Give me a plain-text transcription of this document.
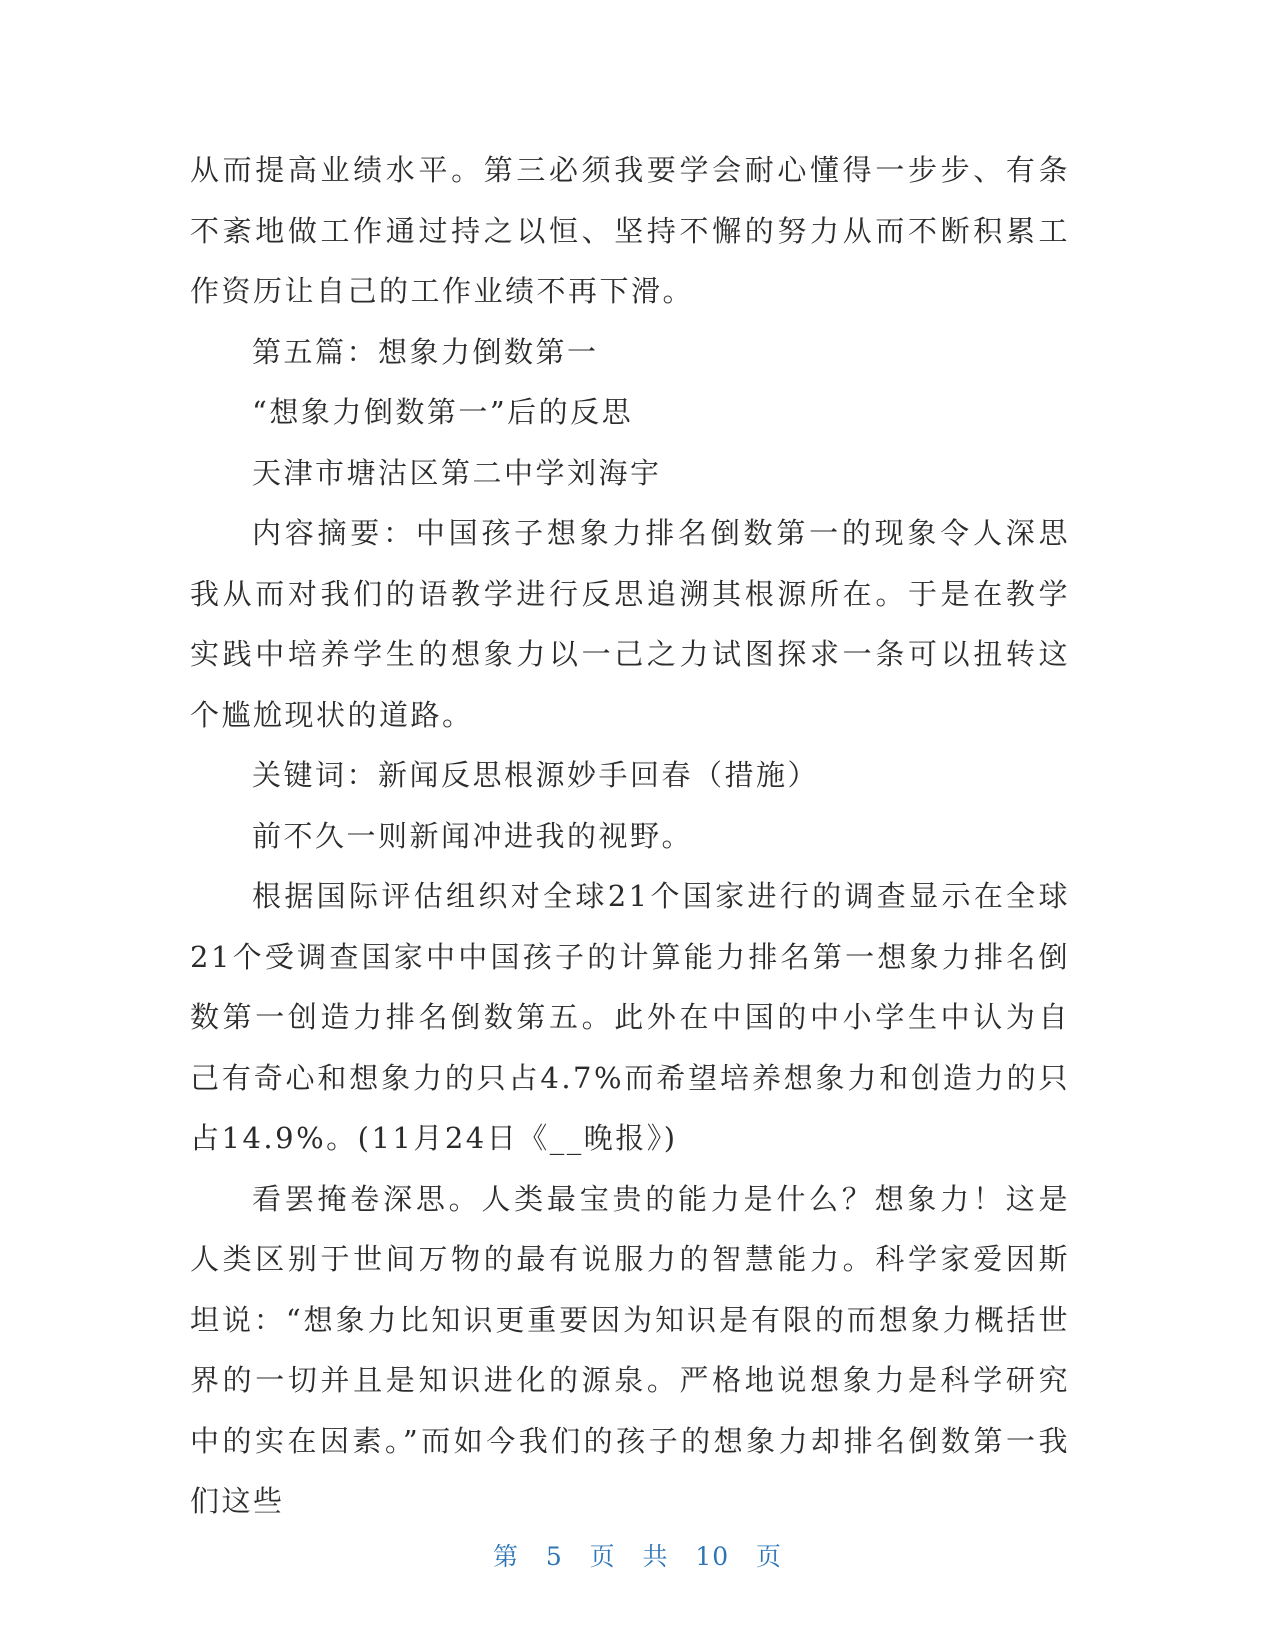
从而提高业绩水平。第三必须我要学会耐心懂得一步步、有条不紊地做工作通过持之以恒、坚持不懈的努力从而不断积累工作资历让自己的工作业绩不再下滑。

第五篇：想象力倒数第一

“想象力倒数第一”后的反思

天津市塘沽区第二中学刘海宇

内容摘要：中国孩子想象力排名倒数第一的现象令人深思我从而对我们的语教学进行反思追溯其根源所在。于是在教学实践中培养学生的想象力以一己之力试图探求一条可以扭转这个尴尬现状的道路。

关键词：新闻反思根源妙手回春（措施）

前不久一则新闻冲进我的视野。

根据国际评估组织对全球21个国家进行的调查显示在全球21个受调查国家中中国孩子的计算能力排名第一想象力排名倒数第一创造力排名倒数第五。此外在中国的中小学生中认为自己有奇心和想象力的只占4.7%而希望培养想象力和创造力的只占14.9%。(11月24日《__晚报》)

看罢掩卷深思。人类最宝贵的能力是什么？想象力！这是人类区别于世间万物的最有说服力的智慧能力。科学家爱因斯坦说：“想象力比知识更重要因为知识是有限的而想象力概括世界的一切并且是知识进化的源泉。严格地说想象力是科学研究中的实在因素。”而如今我们的孩子的想象力却排名倒数第一我们这些

第 5 页 共 10 页
